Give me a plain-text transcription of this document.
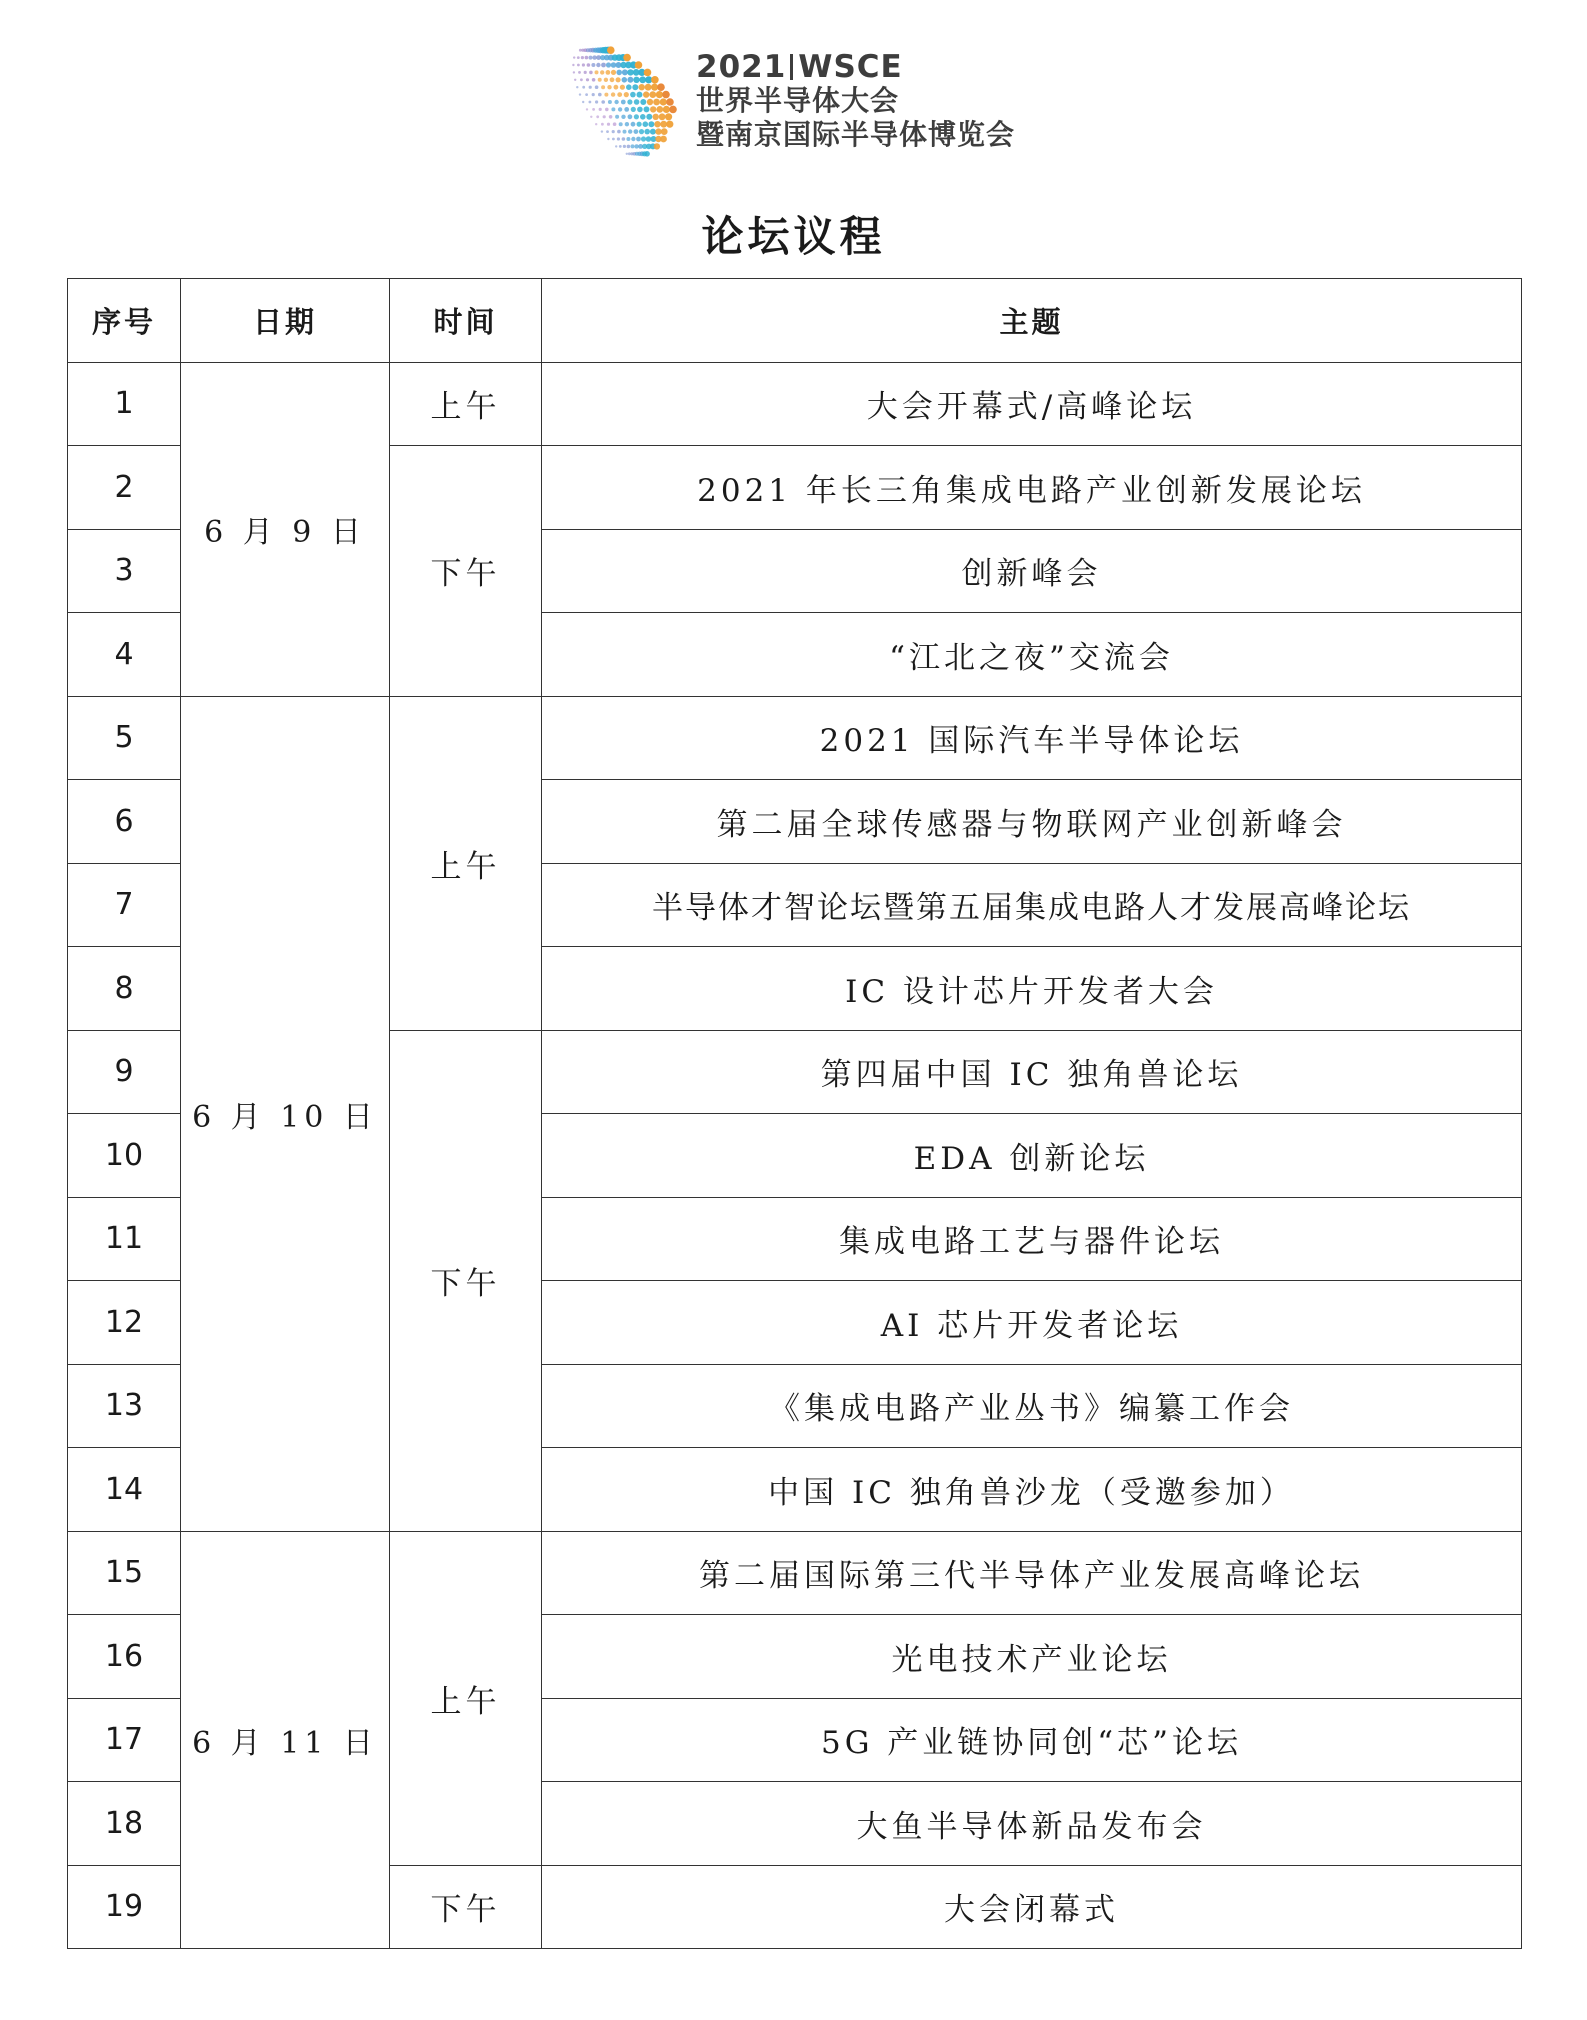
2021 WSCE
世界半导体大会
暨南京国际半导体博览会
论坛议程
序号	日期	时间	主题
1	6 月 9 日	上午	大会开幕式/高峰论坛
2		下午	2021 年长三角集成电路产业创新发展论坛
3			创新峰会
4			“江北之夜”交流会
5	6 月 10 日	上午	2021 国际汽车半导体论坛
6			第二届全球传感器与物联网产业创新峰会
7			半导体才智论坛暨第五届集成电路人才发展高峰论坛
8			IC 设计芯片开发者大会
9		下午	第四届中国 IC 独角兽论坛
10			EDA 创新论坛
11			集成电路工艺与器件论坛
12			AI 芯片开发者论坛
13			《集成电路产业丛书》编纂工作会
14			中国 IC 独角兽沙龙（受邀参加）
15	6 月 11 日	上午	第二届国际第三代半导体产业发展高峰论坛
16			光电技术产业论坛
17			5G 产业链协同创“芯”论坛
18			大鱼半导体新品发布会
19		下午	大会闭幕式
